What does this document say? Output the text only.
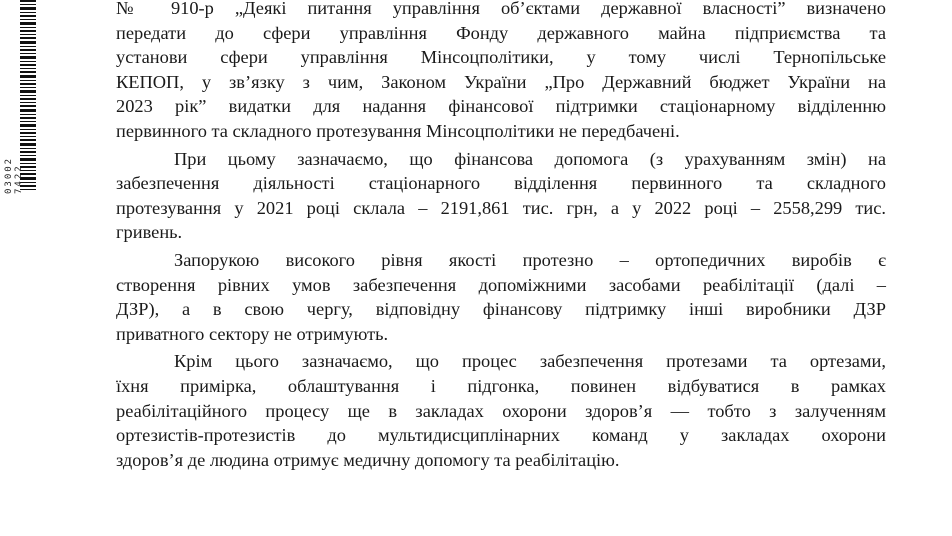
03002 7422

№ 910-р „Деякі питання управління об’єктами державної власності” визначено
передати до сфери управління Фонду державного майна підприємства та
установи сфери управління Мінсоцполітики, у тому числі Тернопільське
КЕПОП, у зв’язку з чим, Законом України „Про Державний бюджет України на
2023 рік” видатки для надання фінансової підтримки стаціонарному відділенню
первинного та складного протезування Мінсоцполітики не передбачені.

При цьому зазначаємо, що фінансова допомога (з урахуванням змін) на
забезпечення діяльності стаціонарного відділення первинного та складного
протезування у 2021 році склала – 2191,861 тис. грн, а у 2022 році – 2558,299 тис.
гривень.

Запорукою високого рівня якості протезно – ортопедичних виробів є
створення рівних умов забезпечення допоміжними засобами реабілітації (далі –
ДЗР), а в свою чергу, відповідну фінансову підтримку інші виробники ДЗР
приватного сектору не отримують.

Крім цього зазначаємо, що процес забезпечення протезами та ортезами,
їхня примірка, облаштування і підгонка, повинен відбуватися в рамках
реабілітаційного процесу ще в закладах охорони здоров’я — тобто з залученням
ортезистів-протезистів до мультидисциплінарних команд у закладах охорони
здоров’я де людина отримує медичну допомогу та реабілітацію.
